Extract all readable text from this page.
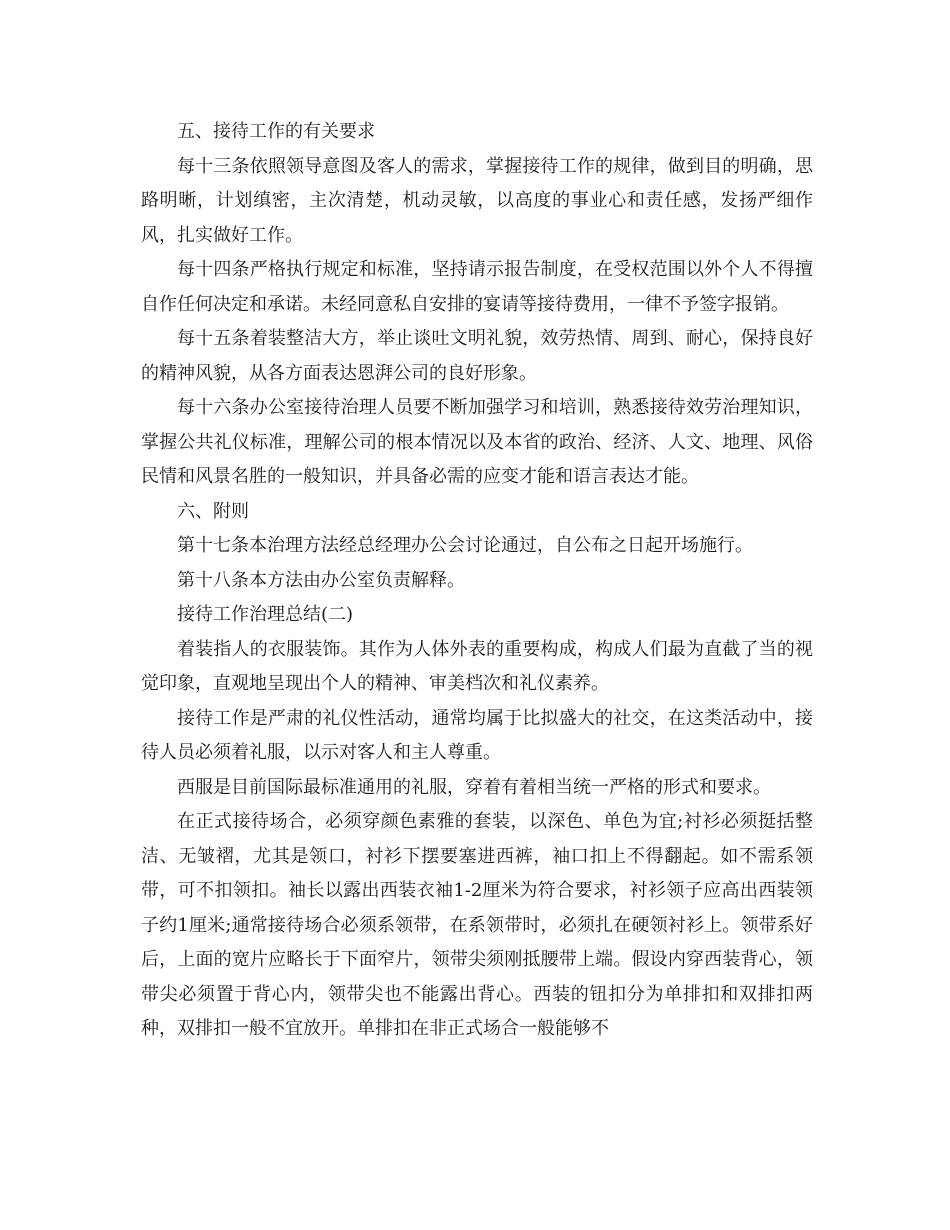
五、接待工作的有关要求

每十三条依照领导意图及客人的需求，掌握接待工作的规律，做到目的明确，思路明晰，计划缜密，主次清楚，机动灵敏，以高度的事业心和责任感，发扬严细作风，扎实做好工作。

每十四条严格执行规定和标准，坚持请示报告制度，在受权范围以外个人不得擅自作任何决定和承诺。未经同意私自安排的宴请等接待费用，一律不予签字报销。

每十五条着装整洁大方，举止谈吐文明礼貌，效劳热情、周到、耐心，保持良好的精神风貌，从各方面表达恩湃公司的良好形象。

每十六条办公室接待治理人员要不断加强学习和培训，熟悉接待效劳治理知识，掌握公共礼仪标准，理解公司的根本情况以及本省的政治、经济、人文、地理、风俗民情和风景名胜的一般知识，并具备必需的应变才能和语言表达才能。

六、附则

第十七条本治理方法经总经理办公会讨论通过，自公布之日起开场施行。

第十八条本方法由办公室负责解释。

接待工作治理总结(二)

着装指人的衣服装饰。其作为人体外表的重要构成，构成人们最为直截了当的视觉印象，直观地呈现出个人的精神、审美档次和礼仪素养。

接待工作是严肃的礼仪性活动，通常均属于比拟盛大的社交，在这类活动中，接待人员必须着礼服，以示对客人和主人尊重。

西服是目前国际最标准通用的礼服，穿着有着相当统一严格的形式和要求。

在正式接待场合，必须穿颜色素雅的套装，以深色、单色为宜;衬衫必须挺括整洁、无皱褶，尤其是领口，衬衫下摆要塞进西裤，袖口扣上不得翻起。如不需系领带，可不扣领扣。袖长以露出西装衣袖1-2厘米为符合要求，衬衫领子应高出西装领子约1厘米;通常接待场合必须系领带，在系领带时，必须扎在硬领衬衫上。领带系好后，上面的宽片应略长于下面窄片，领带尖须刚抵腰带上端。假设内穿西装背心，领带尖必须置于背心内，领带尖也不能露出背心。西装的钮扣分为单排扣和双排扣两种，双排扣一般不宜放开。单排扣在非正式场合一般能够不
